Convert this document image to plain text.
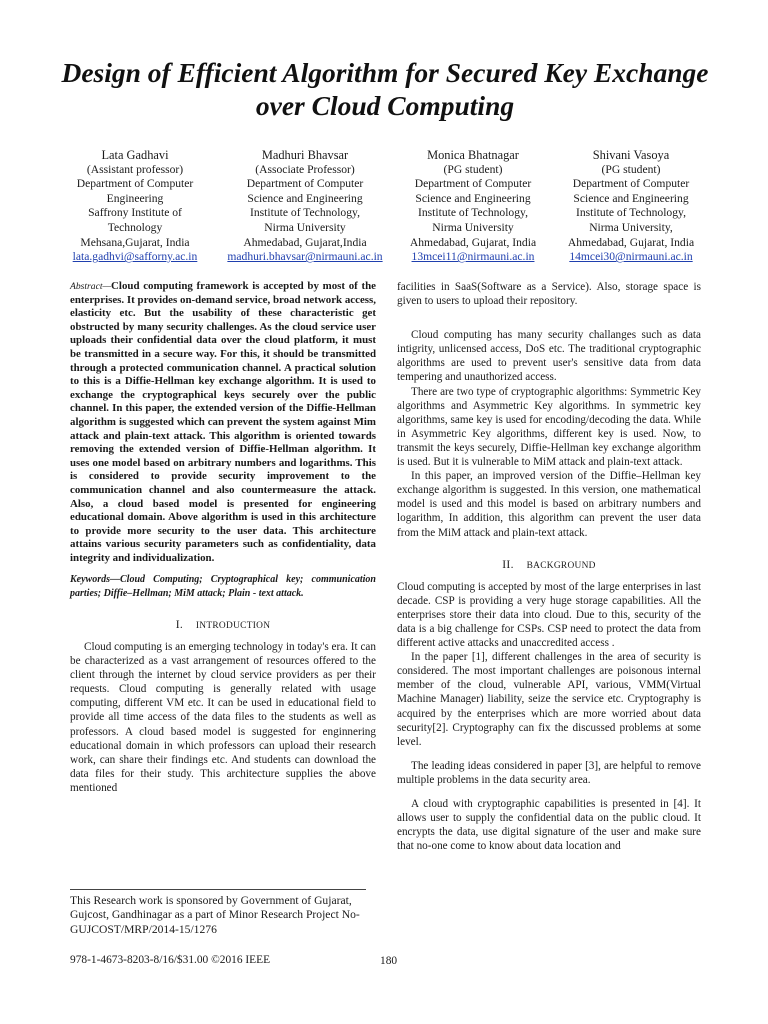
Design of Efficient Algorithm for Secured Key Exchange over Cloud Computing
Lata Gadhavi
(Assistant professor)
Department of Computer
Engineering
Saffrony Institute of
Technology
Mehsana,Gujarat, India
lata.gadhvi@safforny.ac.in
Madhuri Bhavsar
(Associate Professor)
Department of Computer
Science and Engineering
Institute of Technology,
Nirma University
Ahmedabad, Gujarat,India
madhuri.bhavsar@nirmauni.ac.in
Monica Bhatnagar
(PG student)
Department of Computer
Science and Engineering
Institute of Technology,
Nirma University
Ahmedabad, Gujarat, India
13mcei11@nirmauni.ac.in
Shivani Vasoya
(PG student)
Department of Computer
Science and Engineering
Institute of Technology,
Nirma University,
Ahmedabad, Gujarat, India
14mcei30@nirmauni.ac.in

Abstract—Cloud computing framework is accepted by most of the enterprises. It provides on-demand service, broad network access, elasticity etc. But the usability of these characteristic get obstructed by many security challenges. As the cloud service user uploads their confidential data over the cloud platform, it must be transmitted in a secure way. For this, it should be transmitted through a protected communication channel. A practical solution to this is a Diffie-Hellman key exchange algorithm. It is used to exchange the cryptographical keys securely over the public channel. In this paper, the extended version of the Diffie-Hellman algorithm is suggested which can prevent the system against Mim attack and plain-text attack. This algorithm is oriented towards removing the extended version of Diffie-Hellman algorithm. It uses one model based on arbitrary numbers and logarithms. This is considered to provide security improvement to the communication channel and also countermeasure the attack. Also, a cloud based model is presented for engineering educational domain. Above algorithm is used in this architecture to provide more security to the user data. This architecture attains various security parameters such as confidentiality, data integrity and individualization.

Keywords—Cloud Computing; Cryptographical key; communication parties; Diffie–Hellman; MiM attack; Plain - text attack.

I. INTRODUCTION

Cloud computing is an emerging technology in today's era. It can be characterized as a vast arrangement of resources offered to the client through the internet by cloud service providers as per their requests. Cloud computing is generally related with usage computing, different VM etc. It can be used in educational field to provide all time access of the data files to the students as well as professors. A cloud based model is suggested for enginnering educational domain in which professors can upload their research work, can share their findings etc. And students can download the data files for their study. This architecture supplies the above mentioned

facilities in SaaS(Software as a Service). Also, storage space is given to users to upload their repository.

Cloud computing has many security challanges such as data intigrity, unlicensed access, DoS etc. The traditional cryptographic algorithms are used to prevent user's sensitive data from data tempering and unauthorized access.

There are two type of cryptographic algorithms: Symmetric Key algorithms and Asymmetric Key algorithms. In symmetric key algorithms, same key is used for encoding/decoding the data. While in Asymmetric Key algorithms, different key is used. Now, to transmit the keys securely, Diffie-Hellman key exchange algorithm is used. But it is vulnerable to MiM attack and plain-text attack.

In this paper, an improved version of the Diffie–Hellman key exchange algorithm is suggested. In this version, one mathematical model is used and this model is based on arbitrary numbers and logarithm, In addition, this algorithm can prevent the user data from the MiM attack and plain-text attack.

II. BACKGROUND

Cloud computing is accepted by most of the large enterprises in last decade. CSP is providing a very huge storage capabilities. All the enterprises store their data into cloud. Due to this, security of the data is a big challenge for CSPs. CSP need to protect the data from different active attacks and unaccredited access .

In the paper [1], different challenges in the area of security is considered. The most important challenges are poisonous internal member of the cloud, vulnerable API, various, VMM(Virtual Machine Manager) liability, seize the service etc. Cryptography is acquired by the enterprises which are more worried about data security[2]. Cryptography can fix the discussed problems at some level.

The leading ideas considered in paper [3], are helpful to remove multiple problems in the data security area.

A cloud with cryptographic capabilities is presented in [4]. It allows user to supply the confidential data on the public cloud. It encrypts the data, use digital signature of the user and make sure that no-one come to know about data location and

This Research work is sponsored by Government of Gujarat, Gujcost, Gandhinagar as a part of Minor Research Project No-GUJCOST/MRP/2014-15/1276
978-1-4673-8203-8/16/$31.00 ©2016 IEEE	180
